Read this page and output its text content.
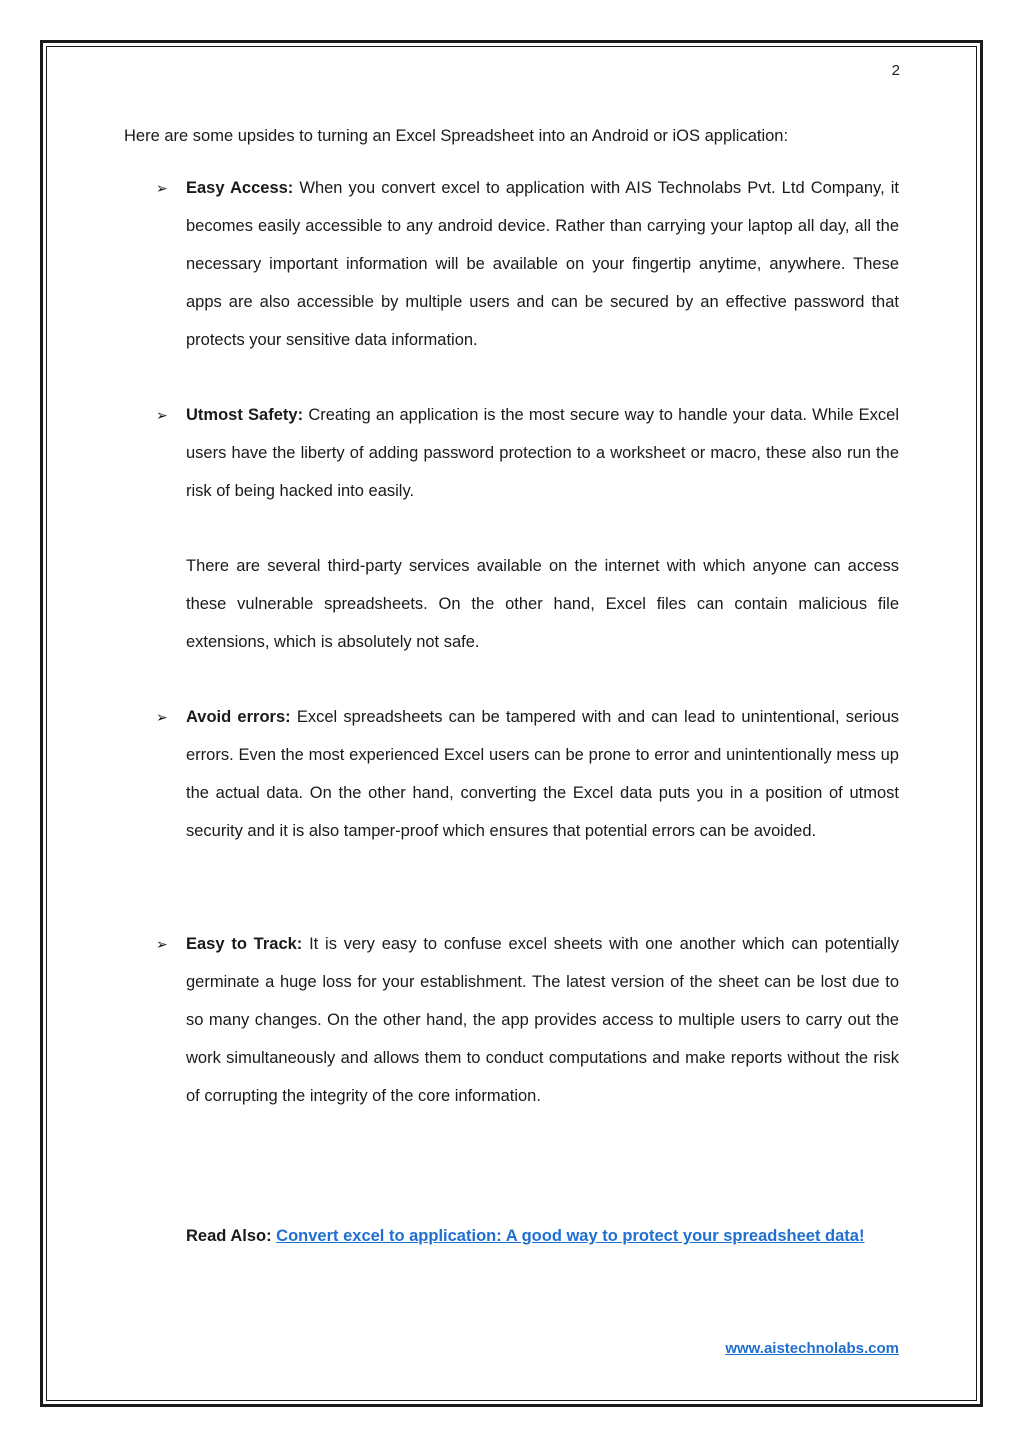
2
Here are some upsides to turning an Excel Spreadsheet into an Android or iOS application:
➢ Easy Access: When you convert excel to application with AIS Technolabs Pvt. Ltd Company, it becomes easily accessible to any android device. Rather than carrying your laptop all day, all the necessary important information will be available on your fingertip anytime, anywhere. These apps are also accessible by multiple users and can be secured by an effective password that protects your sensitive data information.
➢ Utmost Safety: Creating an application is the most secure way to handle your data. While Excel users have the liberty of adding password protection to a worksheet or macro, these also run the risk of being hacked into easily.
There are several third-party services available on the internet with which anyone can access these vulnerable spreadsheets. On the other hand, Excel files can contain malicious file extensions, which is absolutely not safe.
➢ Avoid errors: Excel spreadsheets can be tampered with and can lead to unintentional, serious errors. Even the most experienced Excel users can be prone to error and unintentionally mess up the actual data. On the other hand, converting the Excel data puts you in a position of utmost security and it is also tamper-proof which ensures that potential errors can be avoided.
➢ Easy to Track: It is very easy to confuse excel sheets with one another which can potentially germinate a huge loss for your establishment. The latest version of the sheet can be lost due to so many changes. On the other hand, the app provides access to multiple users to carry out the work simultaneously and allows them to conduct computations and make reports without the risk of corrupting the integrity of the core information.
Read Also: Convert excel to application: A good way to protect your spreadsheet data!
www.aistechnolabs.com
